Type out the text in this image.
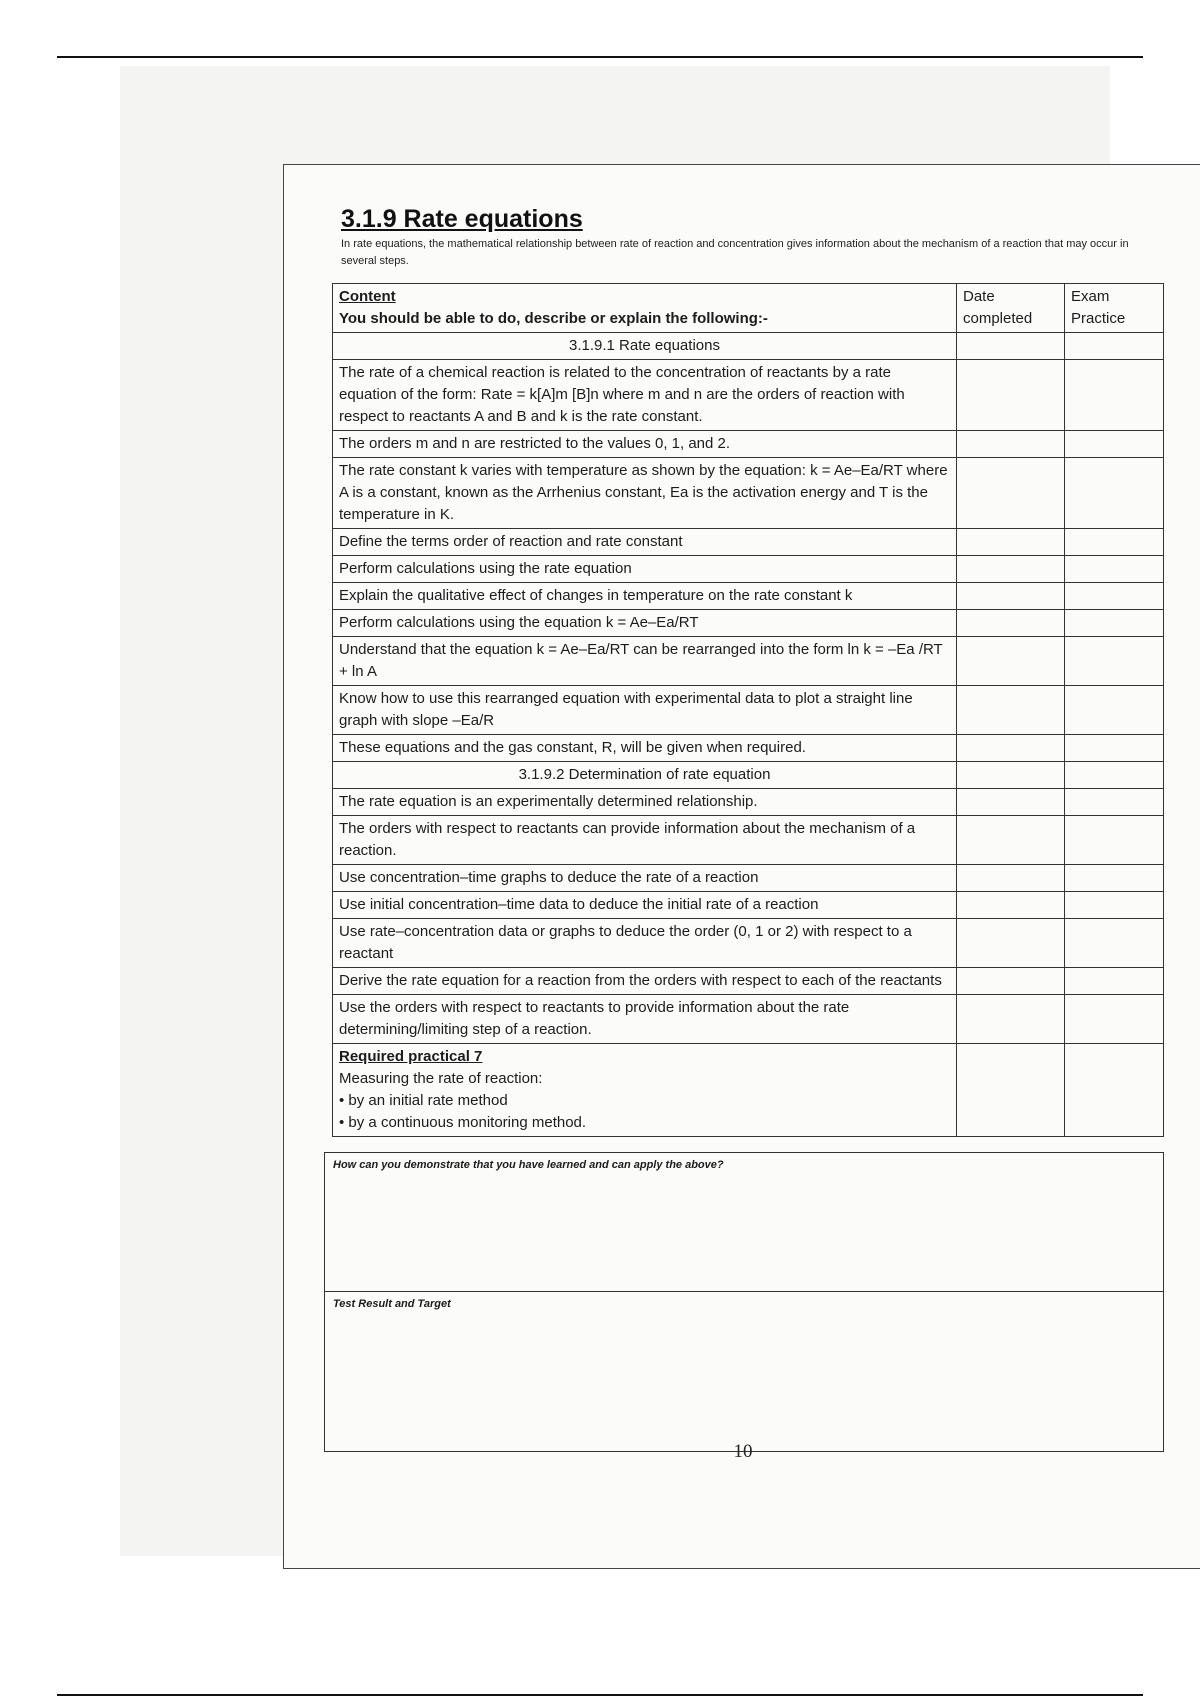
3.1.9 Rate equations
In rate equations, the mathematical relationship between rate of reaction and concentration gives information about the mechanism of a reaction that may occur in several steps.
Content
You should be able to do, describe or explain the following:-	Date completed	Exam Practice
3.1.9.1 Rate equations		
The rate of a chemical reaction is related to the concentration of reactants by a rate equation of the form: Rate = k[A]m [B]n where m and n are the orders of reaction with respect to reactants A and B and k is the rate constant.		
The orders m and n are restricted to the values 0, 1, and 2.		
The rate constant k varies with temperature as shown by the equation: k = Ae–Ea/RT where A is a constant, known as the Arrhenius constant, Ea is the activation energy and T is the temperature in K.		
Define the terms order of reaction and rate constant		
Perform calculations using the rate equation		
Explain the qualitative effect of changes in temperature on the rate constant k		
Perform calculations using the equation k = Ae–Ea/RT		
Understand that the equation k = Ae–Ea/RT can be rearranged into the form ln k = –Ea /RT + ln A		
Know how to use this rearranged equation with experimental data to plot a straight line graph with slope –Ea/R		
These equations and the gas constant, R, will be given when required.		
3.1.9.2 Determination of rate equation		
The rate equation is an experimentally determined relationship.		
The orders with respect to reactants can provide information about the mechanism of a reaction.		
Use concentration–time graphs to deduce the rate of a reaction		
Use initial concentration–time data to deduce the initial rate of a reaction		
Use rate–concentration data or graphs to deduce the order (0, 1 or 2) with respect to a reactant		
Derive the rate equation for a reaction from the orders with respect to each of the reactants		
Use the orders with respect to reactants to provide information about the rate determining/limiting step of a reaction.		

Required practical 7
Measuring the rate of reaction:
• by an initial rate method
• by a continuous monitoring method.		

How can you demonstrate that you have learned and can apply the above?
Test Result and Target
10
